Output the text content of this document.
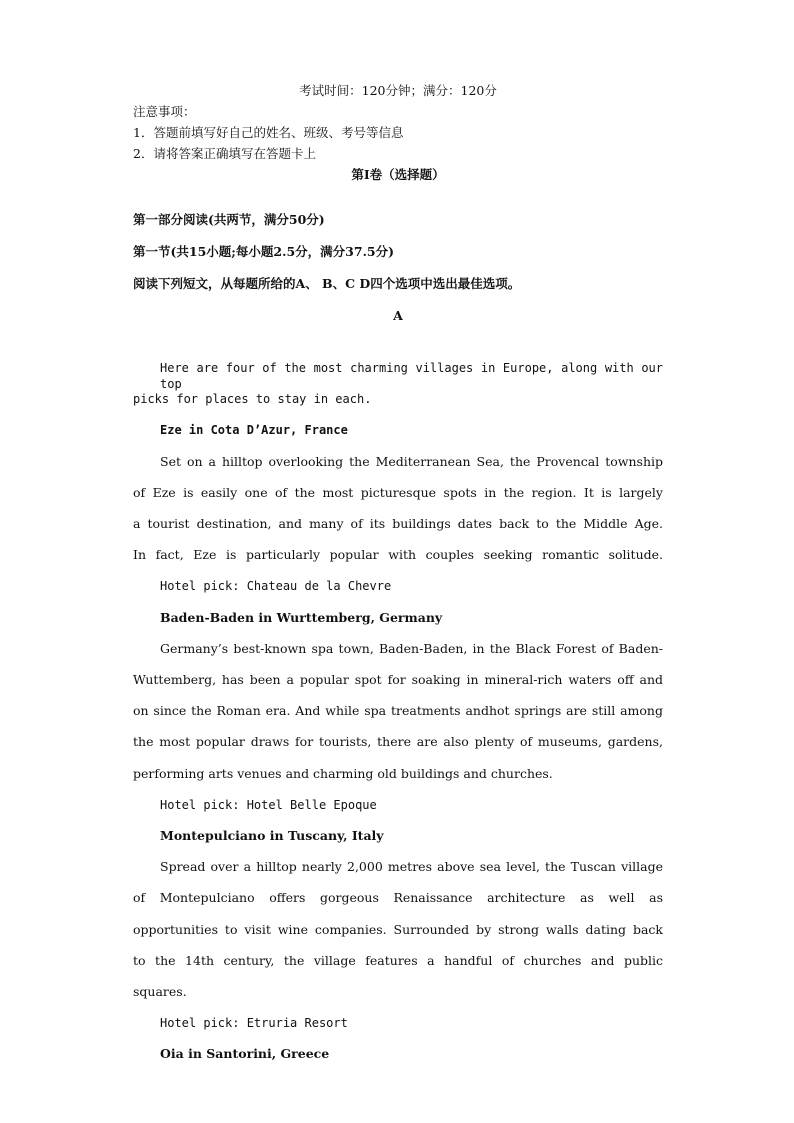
考试时间：120分钟；满分：120分
注意事项：
1．答题前填写好自己的姓名、班级、考号等信息
2．请将答案正确填写在答题卡上
第I卷（选择题）
第一部分阅读(共两节，满分50分)
第一节(共15小题;每小题2.5分，满分37.5分)
阅读下列短文，从每题所给的A、 B、C D四个选项中选出最佳选项。
A
Here are four of the most charming villages in Europe, along with our top
picks for places to stay in each.
Eze in Cota D’Azur, France
Set on a hilltop overlooking the Mediterranean Sea, the Provencal township
of Eze is easily one of the most picturesque spots in the region. It is largely
a tourist destination, and many of its buildings dates back to the Middle Age.
In fact, Eze is particularly popular with couples seeking romantic solitude.
Hotel pick: Chateau de la Chevre
Baden-Baden in Wurttemberg, Germany
Germany’s best-known spa town, Baden-Baden, in the Black Forest of Baden-
Wuttemberg, has been a popular spot for soaking in mineral-rich waters off and
on since the Roman era. And while spa treatments andhot springs are still among
the most popular draws for tourists, there are also plenty of museums, gardens,
performing arts venues and charming old buildings and churches.
Hotel pick: Hotel Belle Epoque
Montepulciano in Tuscany, Italy
Spread over a hilltop nearly 2,000 metres above sea level, the Tuscan village
of Montepulciano offers gorgeous Renaissance architecture as well as
opportunities to visit wine companies. Surrounded by strong walls dating back
to the 14th century, the village features a handful of churches and public
squares.
Hotel pick: Etruria Resort
Oia in Santorini, Greece
